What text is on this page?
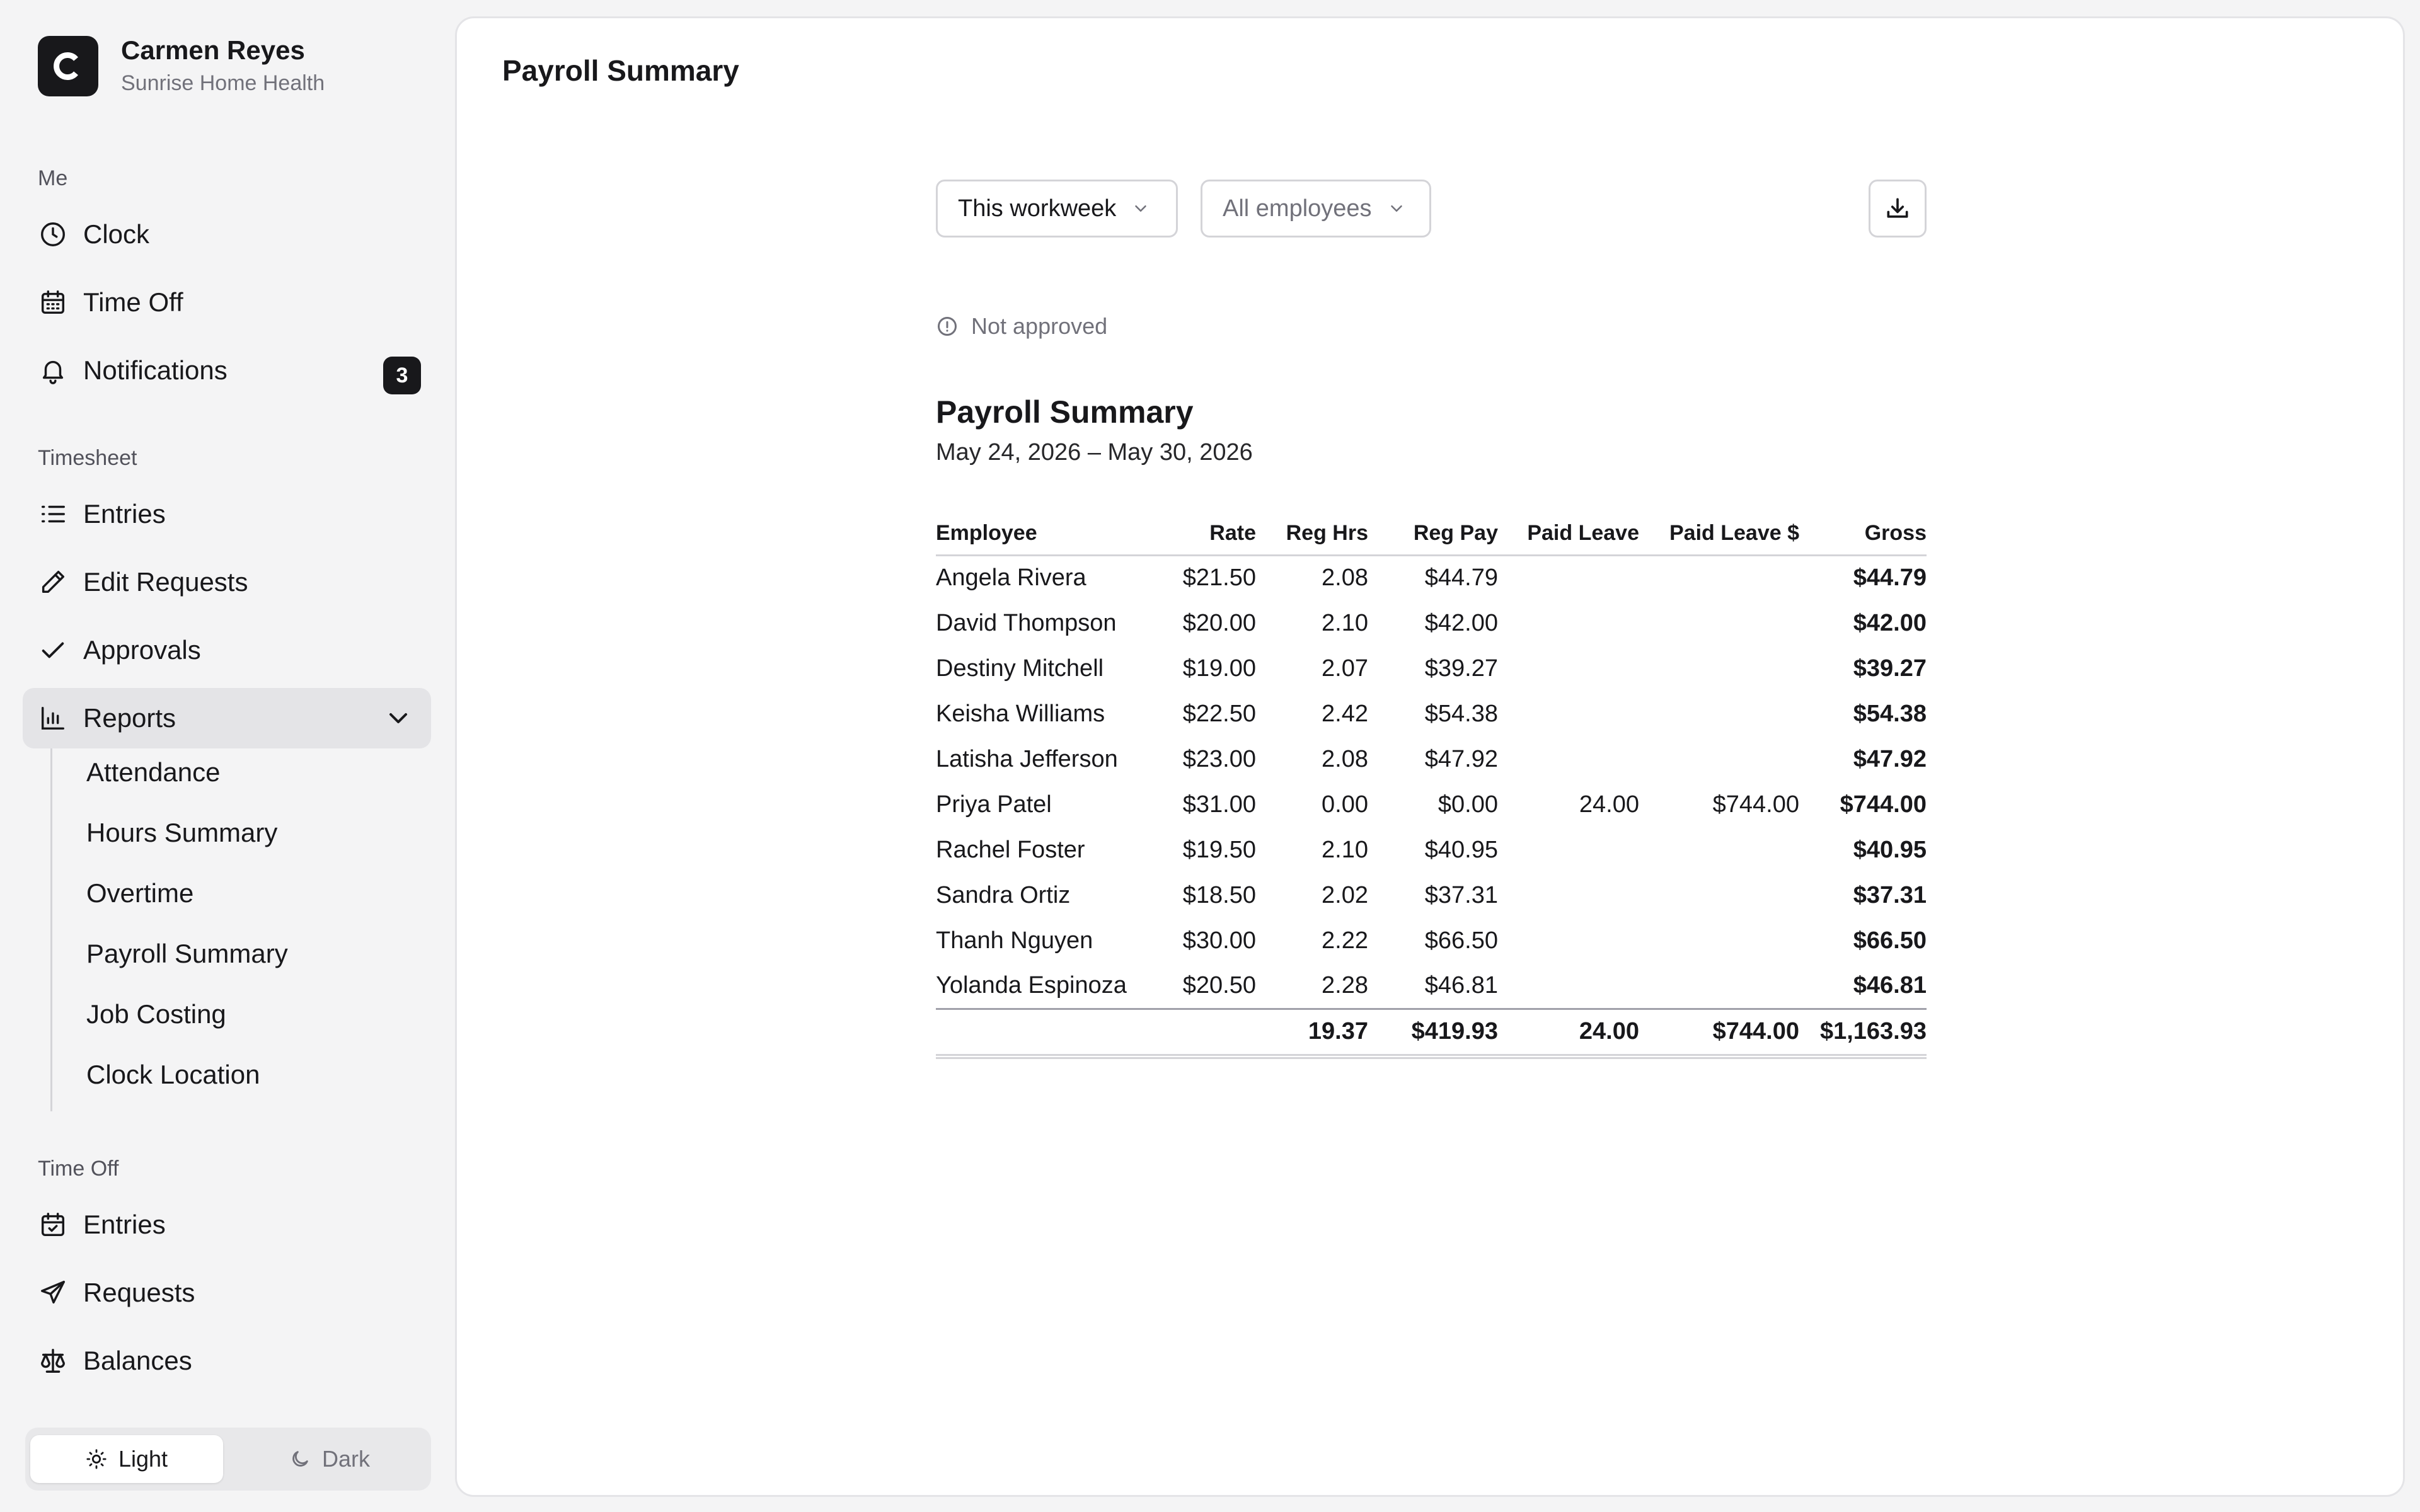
Carmen Reyes
Sunrise Home Health
Me
Clock
Time Off
Notifications	3
Timesheet
Entries
Edit Requests
Approvals
Reports
Attendance
Hours Summary
Overtime
Payroll Summary
Job Costing
Clock Location
Time Off
Entries
Requests
Balances
Light	Dark
Payroll Summary
This workweek	All employees
Not approved
Payroll Summary
May 24, 2026 – May 30, 2026
Employee	Rate	Reg Hrs	Reg Pay	Paid Leave	Paid Leave $	Gross
Angela Rivera	$21.50	2.08	$44.79			$44.79
David Thompson	$20.00	2.10	$42.00			$42.00
Destiny Mitchell	$19.00	2.07	$39.27			$39.27
Keisha Williams	$22.50	2.42	$54.38			$54.38
Latisha Jefferson	$23.00	2.08	$47.92			$47.92
Priya Patel	$31.00	0.00	$0.00	24.00	$744.00	$744.00
Rachel Foster	$19.50	2.10	$40.95			$40.95
Sandra Ortiz	$18.50	2.02	$37.31			$37.31
Thanh Nguyen	$30.00	2.22	$66.50			$66.50
Yolanda Espinoza	$20.50	2.28	$46.81			$46.81
		19.37	$419.93	24.00	$744.00	$1,163.93
